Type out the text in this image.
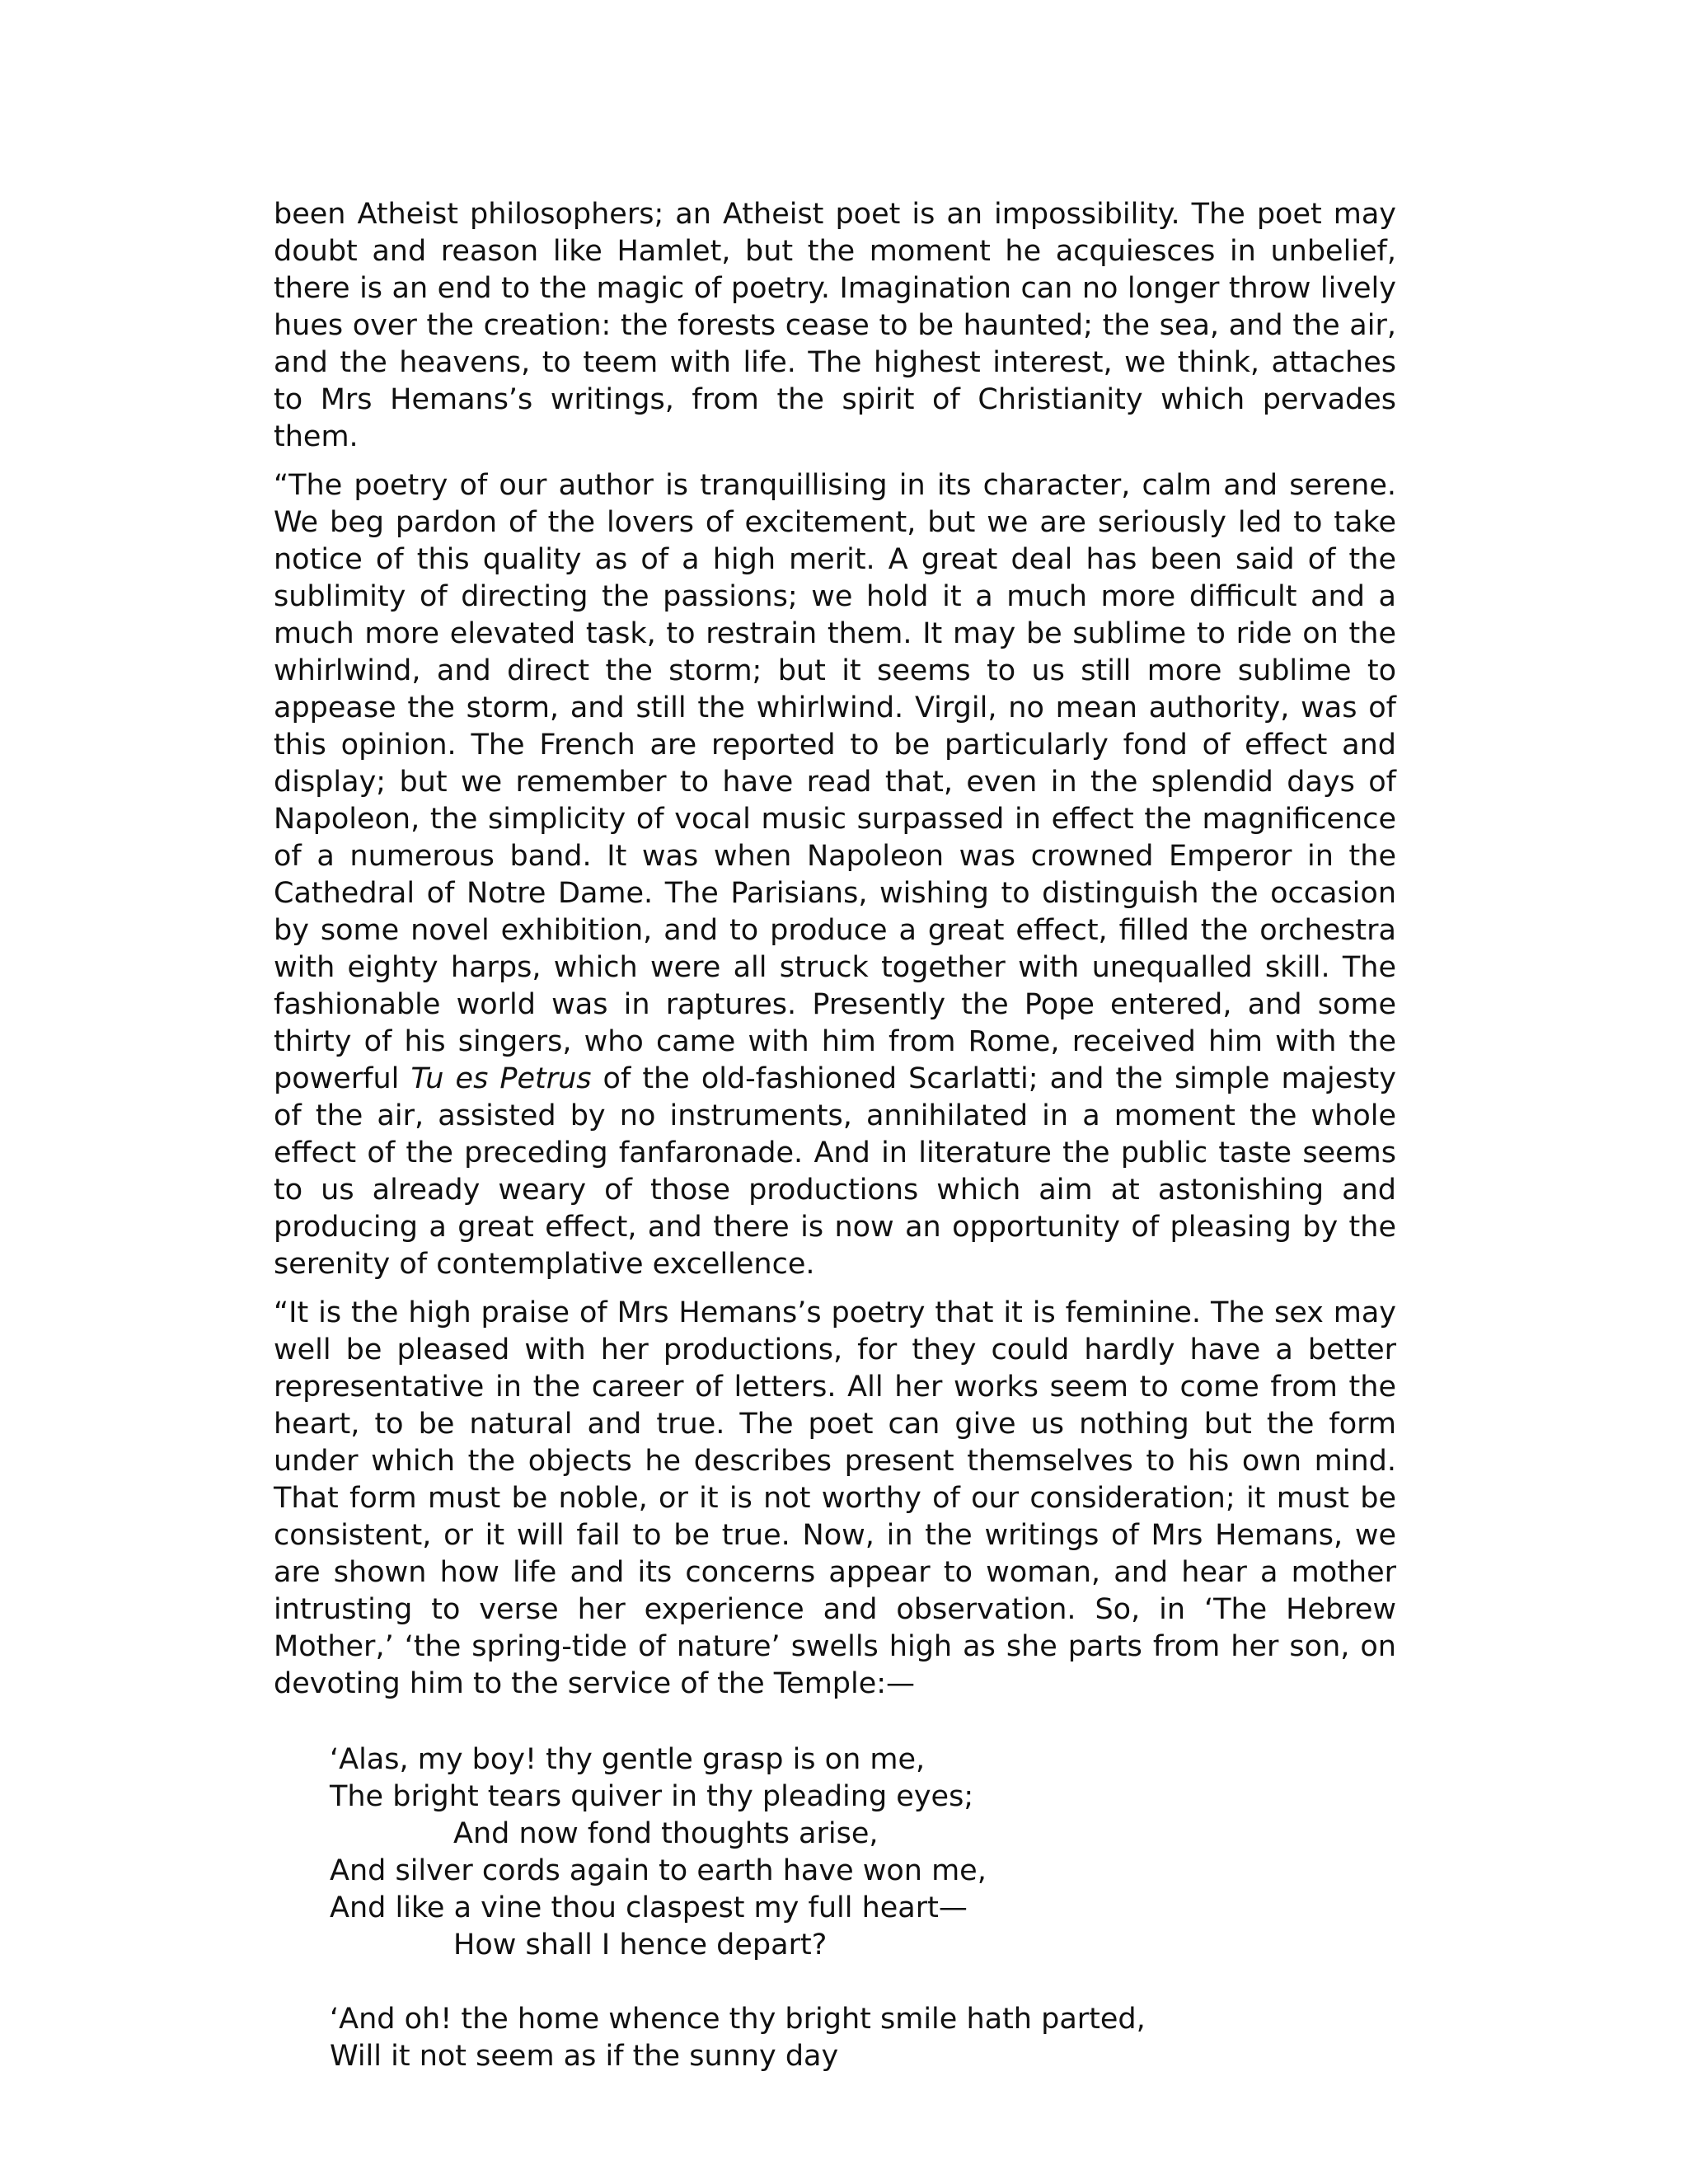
been Atheist philosophers; an Atheist poet is an impossibility. The poet may doubt and reason like Hamlet, but the moment he acquiesces in unbelief, there is an end to the magic of poetry. Imagination can no longer throw lively hues over the creation: the forests cease to be haunted; the sea, and the air, and the heavens, to teem with life. The highest interest, we think, attaches to Mrs Hemans’s writings, from the spirit of Christianity which pervades them.

“The poetry of our author is tranquillising in its character, calm and serene. We beg pardon of the lovers of excitement, but we are seriously led to take notice of this quality as of a high merit. A great deal has been said of the sublimity of directing the passions; we hold it a much more difficult and a much more elevated task, to restrain them. It may be sublime to ride on the whirlwind, and direct the storm; but it seems to us still more sublime to appease the storm, and still the whirlwind. Virgil, no mean authority, was of this opinion. The French are reported to be particularly fond of effect and display; but we remember to have read that, even in the splendid days of Napoleon, the simplicity of vocal music surpassed in effect the magnificence of a numerous band. It was when Napoleon was crowned Emperor in the Cathedral of Notre Dame. The Parisians, wishing to distinguish the occasion by some novel exhibition, and to produce a great effect, filled the orchestra with eighty harps, which were all struck together with unequalled skill. The fashionable world was in raptures. Presently the Pope entered, and some thirty of his singers, who came with him from Rome, received him with the powerful Tu es Petrus of the old-fashioned Scarlatti; and the simple majesty of the air, assisted by no instruments, annihilated in a moment the whole effect of the preceding fanfaronade. And in literature the public taste seems to us already weary of those productions which aim at astonishing and producing a great effect, and there is now an opportunity of pleasing by the serenity of contemplative excellence.

“It is the high praise of Mrs Hemans’s poetry that it is feminine. The sex may well be pleased with her productions, for they could hardly have a better representative in the career of letters. All her works seem to come from the heart, to be natural and true. The poet can give us nothing but the form under which the objects he describes present themselves to his own mind. That form must be noble, or it is not worthy of our consideration; it must be consistent, or it will fail to be true. Now, in the writings of Mrs Hemans, we are shown how life and its concerns appear to woman, and hear a mother intrusting to verse her experience and observation. So, in ‘The Hebrew Mother,’ ‘the spring-tide of nature’ swells high as she parts from her son, on devoting him to the service of the Temple:—

‘Alas, my boy! thy gentle grasp is on me,
The bright tears quiver in thy pleading eyes;
And now fond thoughts arise,
And silver cords again to earth have won me,
And like a vine thou claspest my full heart—
How shall I hence depart?
‘And oh! the home whence thy bright smile hath parted,
Will it not seem as if the sunny day
